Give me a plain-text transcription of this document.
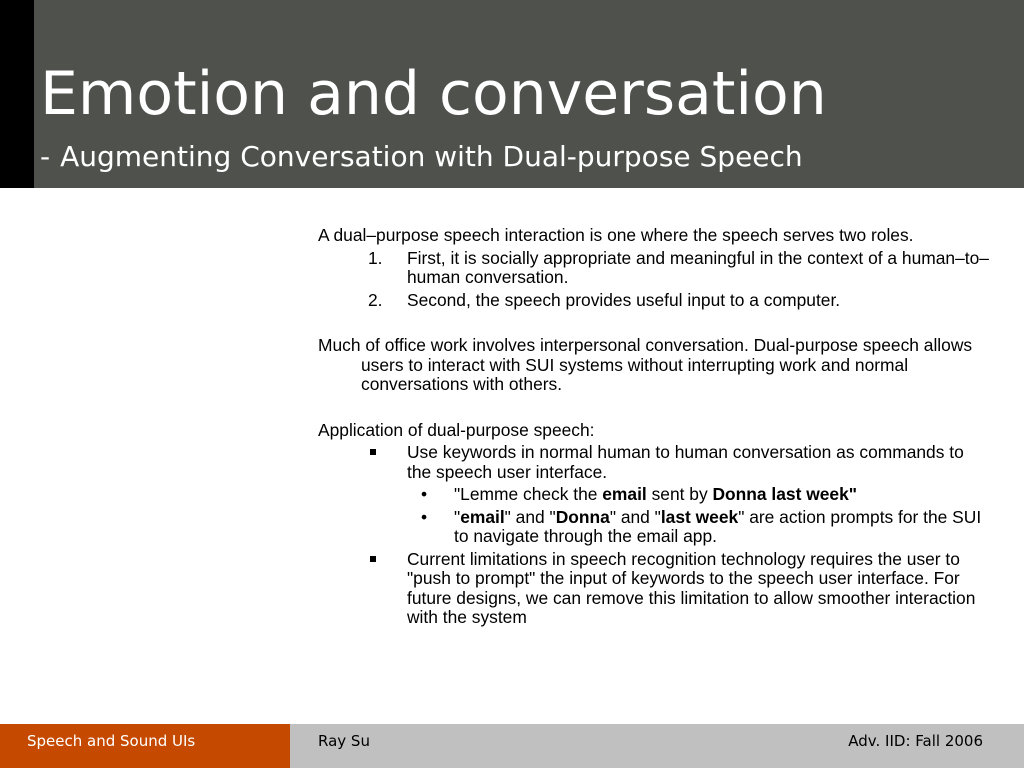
Emotion and conversation
- Augmenting Conversation with Dual-purpose Speech
A dual–purpose speech interaction is one where the speech serves two roles.
1. First, it is socially appropriate and meaningful in the context of a human–to–human conversation.
2. Second, the speech provides useful input to a computer.
Much of office work involves interpersonal conversation. Dual-purpose speech allows users to interact with SUI systems without interrupting work and normal conversations with others.
Application of dual-purpose speech:
Use keywords in normal human to human conversation as commands to the speech user interface.
• "Lemme check the email sent by Donna last week"
• "email" and "Donna" and "last week" are action prompts for the SUI to navigate through the email app.
Current limitations in speech recognition technology requires the user to "push to prompt" the input of keywords to the speech user interface. For future designs, we can remove this limitation to allow smoother interaction with the system
Speech and Sound UIs	Ray Su	Adv. IID: Fall 2006
